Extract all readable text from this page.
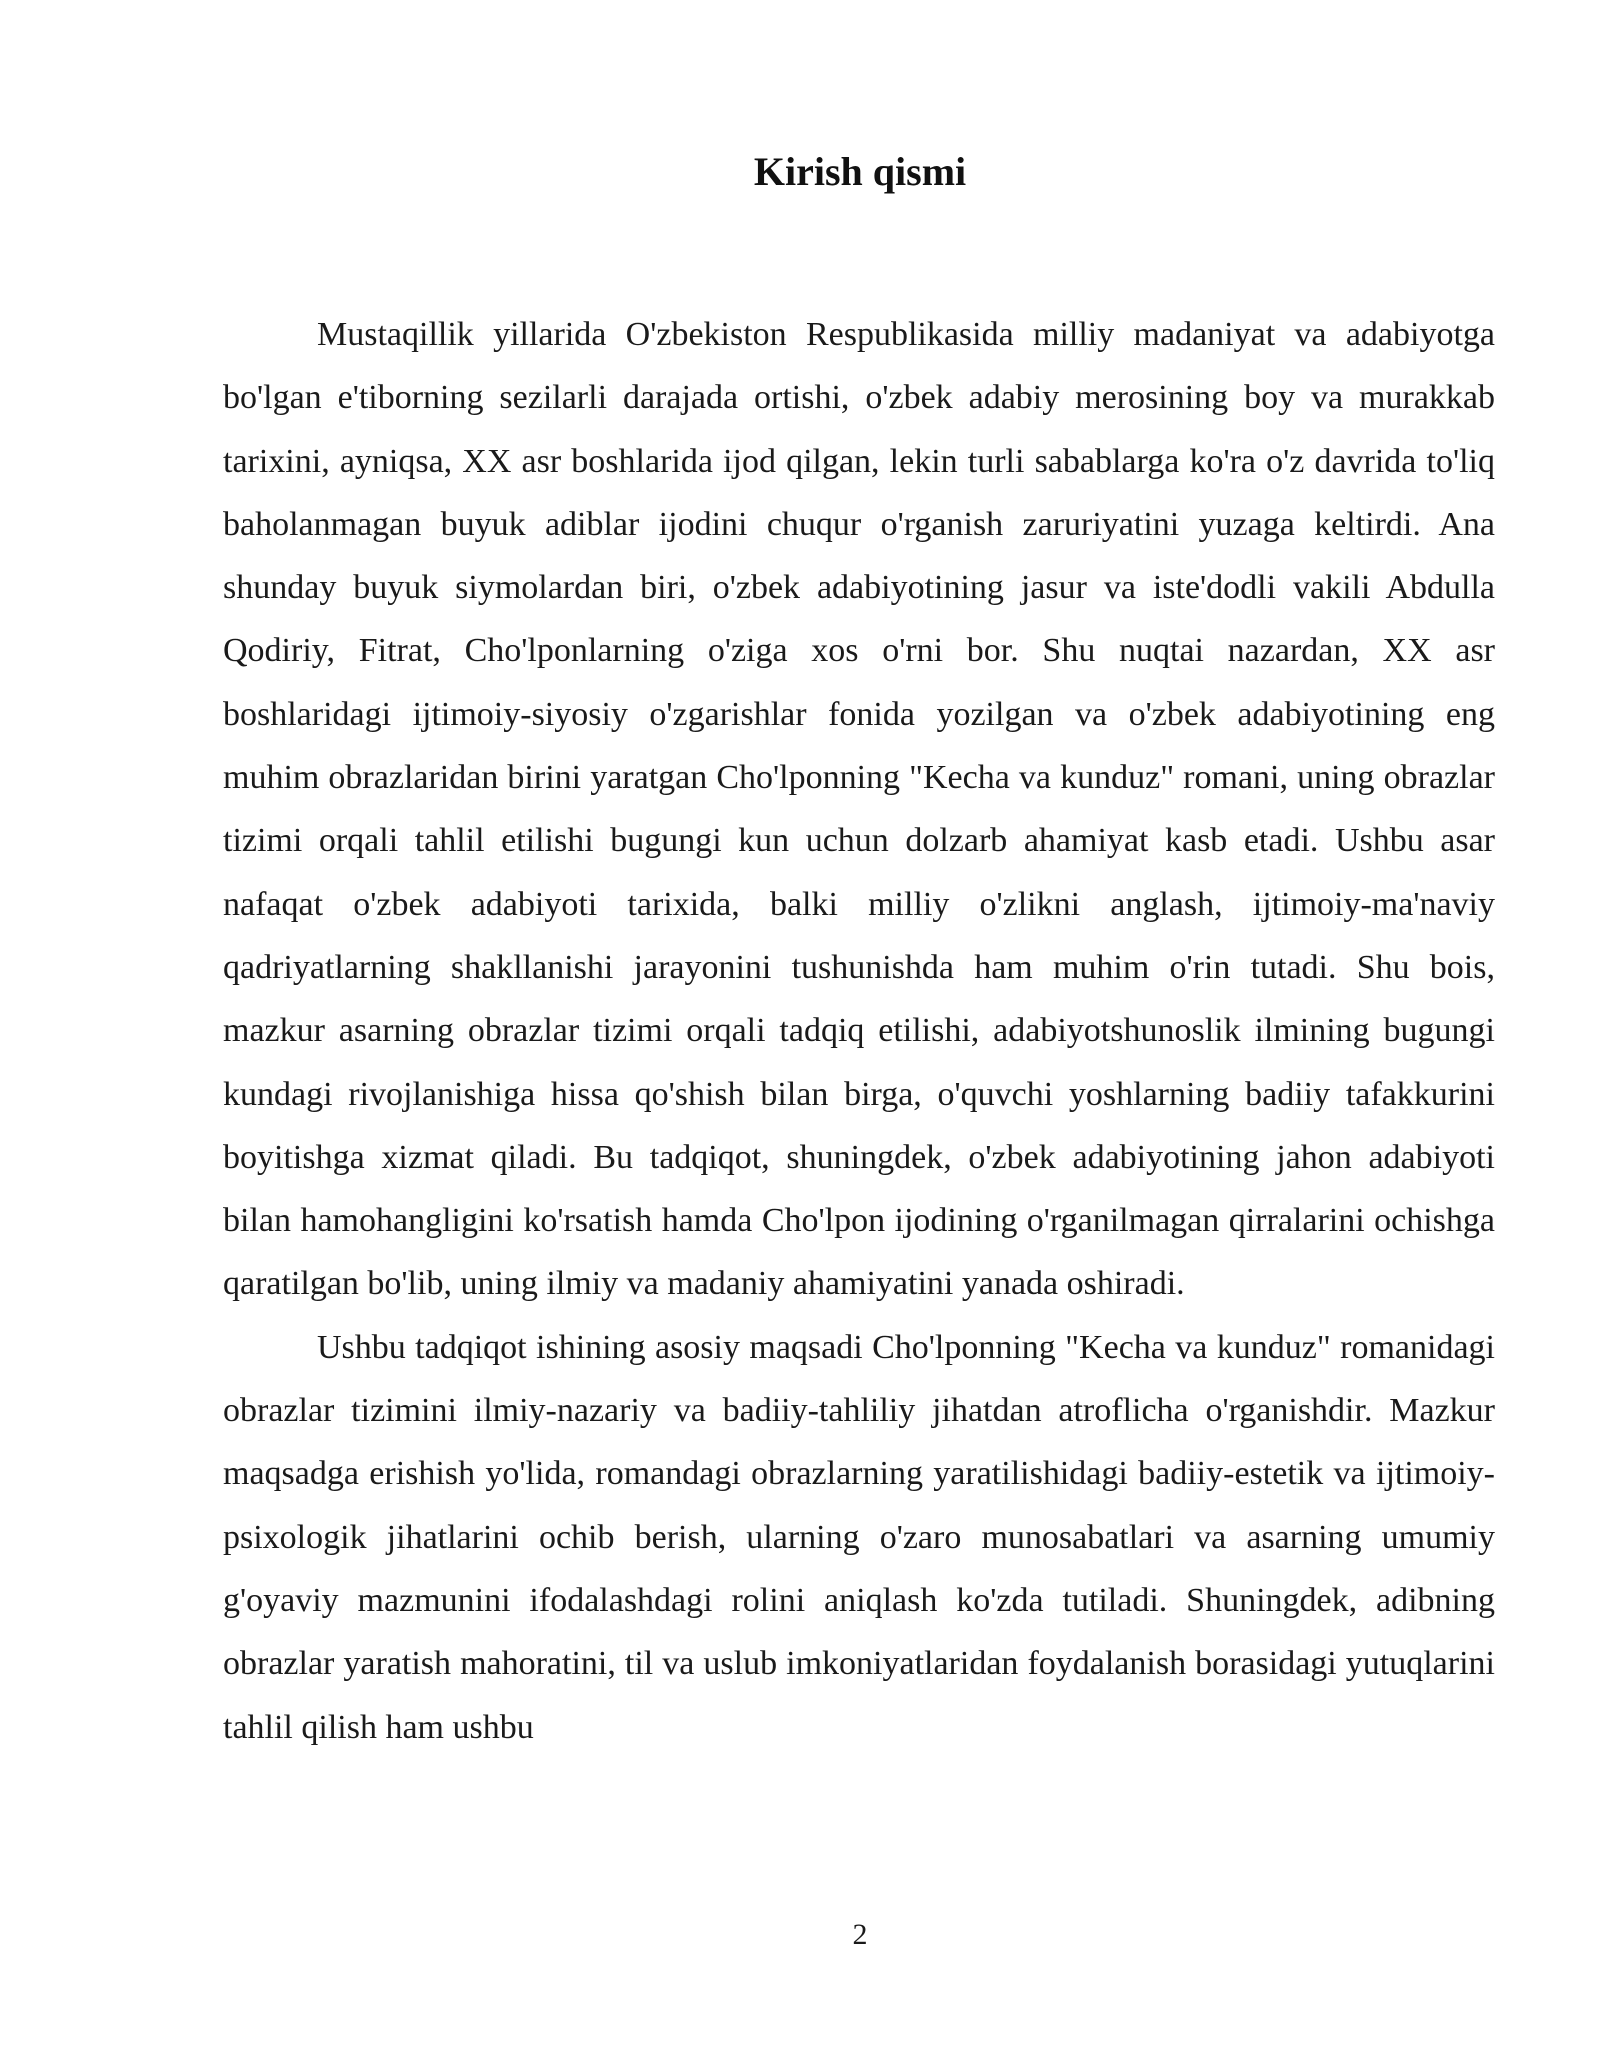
Kirish qismi

Mustaqillik yillarida O'zbekiston Respublikasida milliy madaniyat va adabiyotga bo'lgan e'tiborning sezilarli darajada ortishi, o'zbek adabiy merosining boy va murakkab tarixini, ayniqsa, XX asr boshlarida ijod qilgan, lekin turli sabablarga ko'ra o'z davrida to'liq baholanmagan buyuk adiblar ijodini chuqur o'rganish zaruriyatini yuzaga keltirdi. Ana shunday buyuk siymolardan biri, o'zbek adabiyotining jasur va iste'dodli vakili Abdulla Qodiriy, Fitrat, Cho'lponlarning o'ziga xos o'rni bor. Shu nuqtai nazardan, XX asr boshlaridagi ijtimoiy-siyosiy o'zgarishlar fonida yozilgan va o'zbek adabiyotining eng muhim obrazlaridan birini yaratgan Cho'lponning "Kecha va kunduz" romani, uning obrazlar tizimi orqali tahlil etilishi bugungi kun uchun dolzarb ahamiyat kasb etadi. Ushbu asar nafaqat o'zbek adabiyoti tarixida, balki milliy o'zlikni anglash, ijtimoiy-ma'naviy qadriyatlarning shakllanishi jarayonini tushunishda ham muhim o'rin tutadi. Shu bois, mazkur asarning obrazlar tizimi orqali tadqiq etilishi, adabiyotshunoslik ilmining bugungi kundagi rivojlanishiga hissa qo'shish bilan birga, o'quvchi yoshlarning badiiy tafakkurini boyitishga xizmat qiladi. Bu tadqiqot, shuningdek, o'zbek adabiyotining jahon adabiyoti bilan hamohangligini ko'rsatish hamda Cho'lpon ijodining o'rganilmagan qirralarini ochishga qaratilgan bo'lib, uning ilmiy va madaniy ahamiyatini yanada oshiradi.

Ushbu tadqiqot ishining asosiy maqsadi Cho'lponning "Kecha va kunduz" romanidagi obrazlar tizimini ilmiy-nazariy va badiiy-tahliliy jihatdan atroflicha o'rganishdir. Mazkur maqsadga erishish yo'lida, romandagi obrazlarning yaratilishidagi badiiy-estetik va ijtimoiy-psixologik jihatlarini ochib berish, ularning o'zaro munosabatlari va asarning umumiy g'oyaviy mazmunini ifodalashdagi rolini aniqlash ko'zda tutiladi. Shuningdek, adibning obrazlar yaratish mahoratini, til va uslub imkoniyatlaridan foydalanish borasidagi yutuqlarini tahlil qilish ham ushbu

2
